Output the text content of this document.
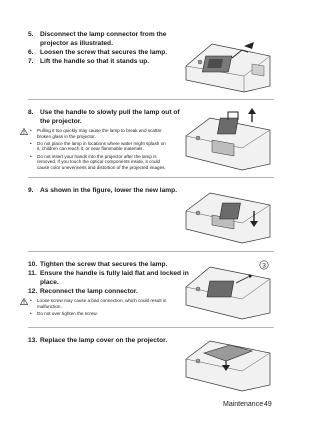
5. Disconnect the lamp connector from the
projector as illustrated.
6. Loosen the screw that secures the lamp.
7. Lift the handle so that it stands up.
8. Use the handle to slowly pull the lamp out of
the projector.
• Pulling it too quickly may cause the lamp to break and scatter broken glass in the projector.
• Do not place the lamp in locations where water might splash on it, children can reach it, or near flammable materials.
• Do not insert your hands into the projector after the lamp is removed. If you touch the optical components inside, it could cause color unevenness and distortion of the projected images.
9. As shown in the figure, lower the new lamp.
10. Tighten the screw that secures the lamp.
11. Ensure the handle is fully laid flat and locked in
place.
12. Reconnect the lamp connector.
• Loose screw may cause a bad connection, which could result in malfunction.
• Do not over tighten the screw.
3
13. Replace the lamp cover on the projector.
Maintenance 49
